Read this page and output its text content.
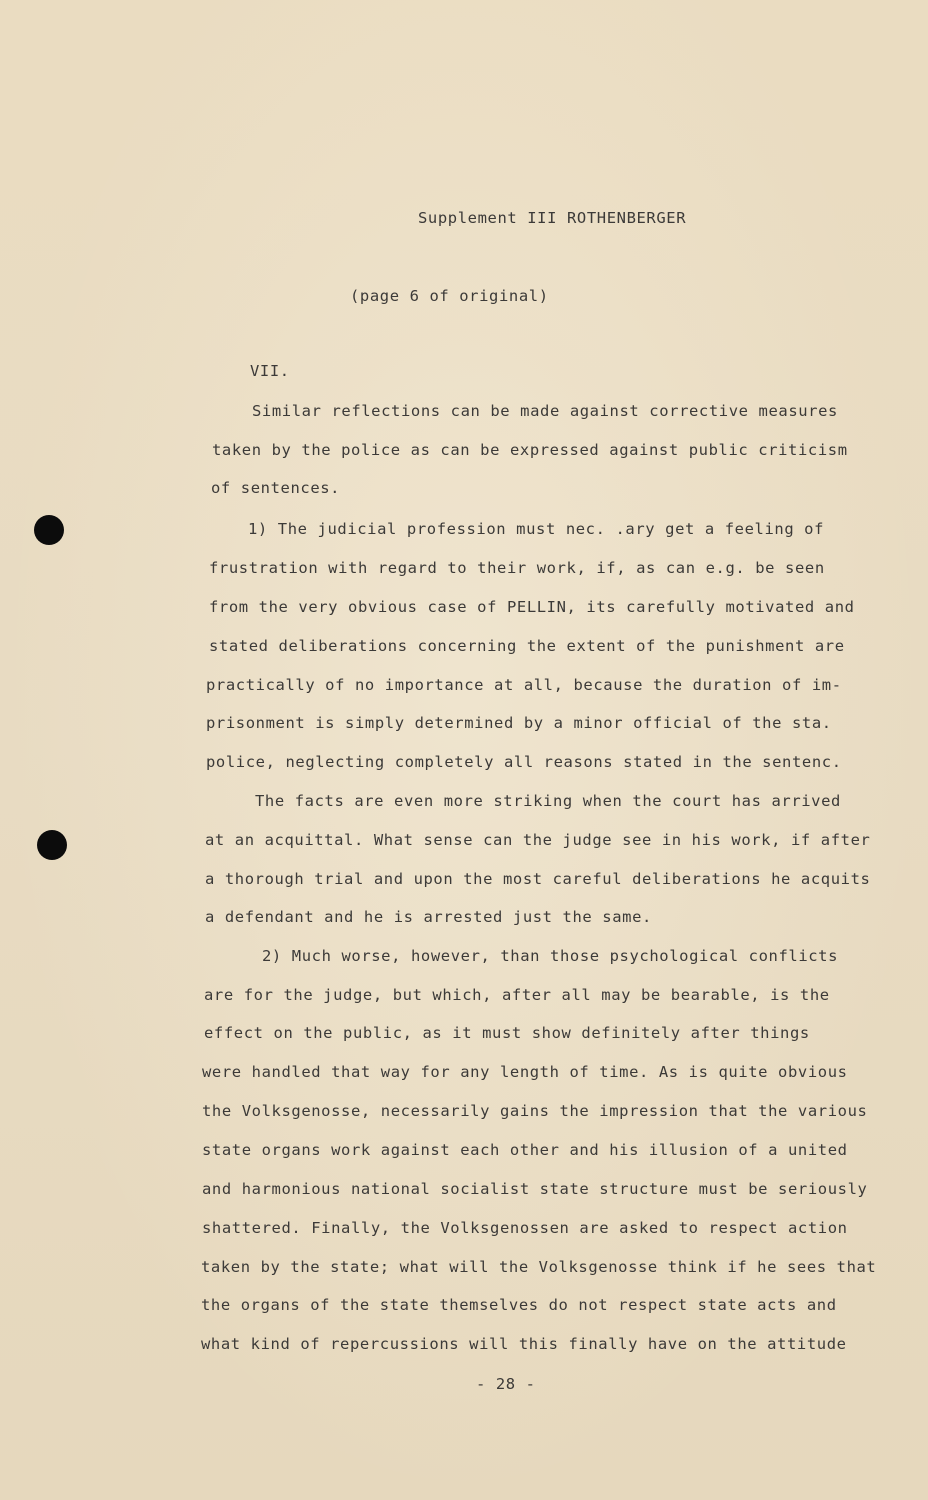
Supplement III ROTHENBERGER
(page 6 of original)
VII.
Similar reflections can be made against corrective measures
taken by the police as can be expressed against public criticism
of sentences.
1) The judicial profession must nec. .ary get a feeling of
frustration with regard to their work, if, as can e.g. be seen
from the very obvious case of PELLIN, its carefully motivated and
stated deliberations concerning the extent of the punishment are
practically of no importance at all, because the duration of im-
prisonment is simply determined by a minor official of the sta.
police, neglecting completely all reasons stated in the sentenc.
The facts are even more striking when the court has arrived
at an acquittal. What sense can the judge see in his work, if after
a thorough trial and upon the most careful deliberations he acquits
a defendant and he is arrested just the same.
2) Much worse, however, than those psychological conflicts
are for the judge, but which, after all may be bearable, is the
effect on the public, as it must show definitely after things
were handled that way for any length of time. As is quite obvious
the Volksgenosse, necessarily gains the impression that the various
state organs work against each other and his illusion of a united
and harmonious national socialist state structure must be seriously
shattered. Finally, the Volksgenossen are asked to respect action
taken by the state; what will the Volksgenosse think if he sees that
the organs of the state themselves do not respect state acts and
what kind of repercussions will this finally have on the attitude
- 28 -
